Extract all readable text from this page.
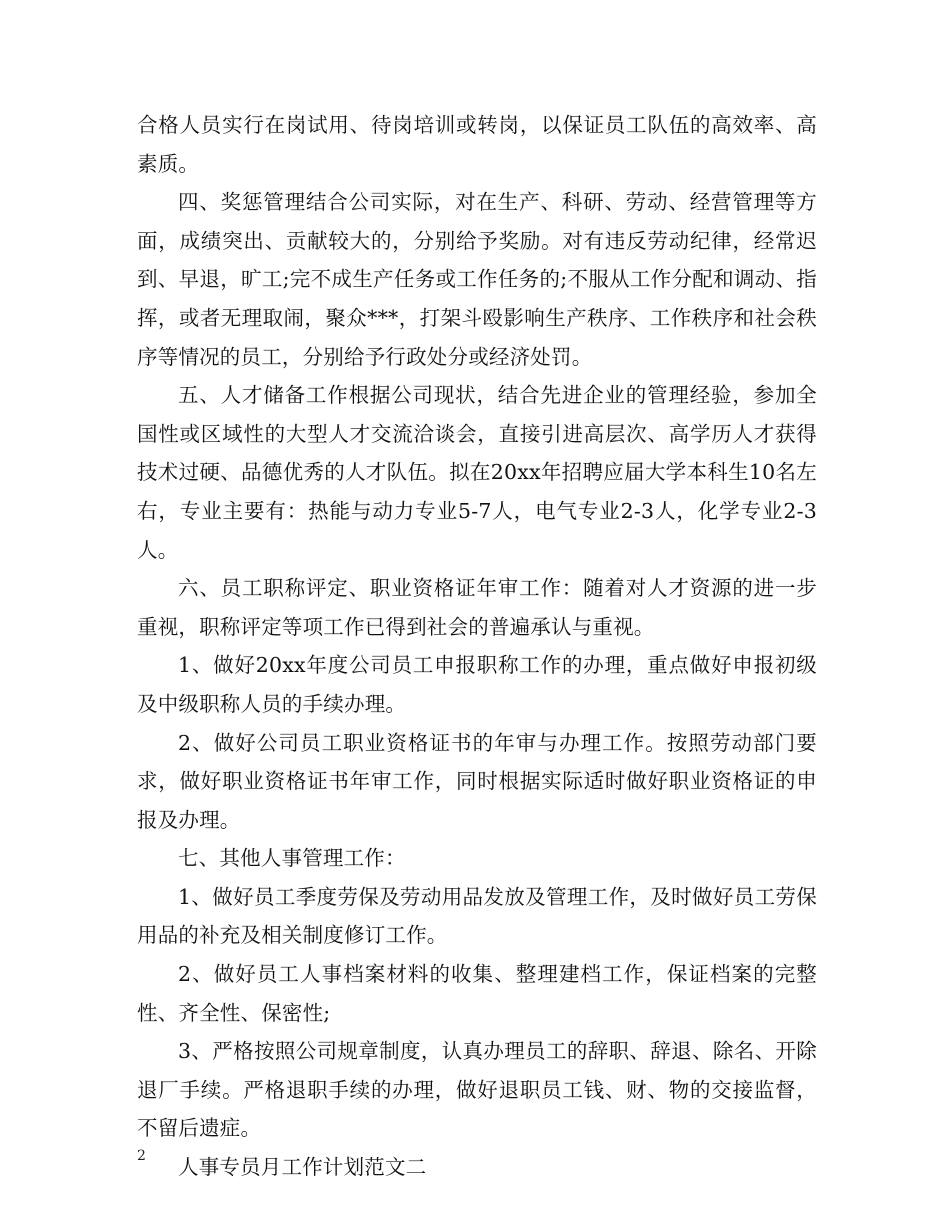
合格人员实行在岗试用、待岗培训或转岗，以保证员工队伍的高效率、高素质。

四、奖惩管理结合公司实际，对在生产、科研、劳动、经营管理等方面，成绩突出、贡献较大的，分别给予奖励。对有违反劳动纪律，经常迟到、早退，旷工;完不成生产任务或工作任务的;不服从工作分配和调动、指挥，或者无理取闹，聚众***，打架斗殴影响生产秩序、工作秩序和社会秩序等情况的员工，分别给予行政处分或经济处罚。

五、人才储备工作根据公司现状，结合先进企业的管理经验，参加全国性或区域性的大型人才交流洽谈会，直接引进高层次、高学历人才获得技术过硬、品德优秀的人才队伍。拟在20xx年招聘应届大学本科生10名左右，专业主要有：热能与动力专业5-7人，电气专业2-3人，化学专业2-3人。

六、员工职称评定、职业资格证年审工作：随着对人才资源的进一步重视，职称评定等项工作已得到社会的普遍承认与重视。

1、做好20xx年度公司员工申报职称工作的办理，重点做好申报初级及中级职称人员的手续办理。

2、做好公司员工职业资格证书的年审与办理工作。按照劳动部门要求，做好职业资格证书年审工作，同时根据实际适时做好职业资格证的申报及办理。

七、其他人事管理工作：

1、做好员工季度劳保及劳动用品发放及管理工作，及时做好员工劳保用品的补充及相关制度修订工作。

2、做好员工人事档案材料的收集、整理建档工作，保证档案的完整性、齐全性、保密性;

3、严格按照公司规章制度，认真办理员工的辞职、辞退、除名、开除退厂手续。严格退职手续的办理，做好退职员工钱、财、物的交接监督，不留后遗症。

人事专员月工作计划范文二

2
